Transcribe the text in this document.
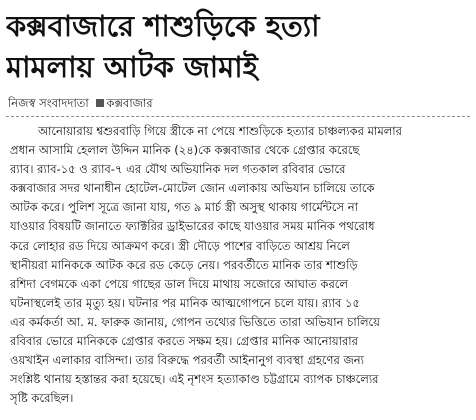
কক্সবাজারে শাশুড়িকে হত্যা
মামলায় আটক জামাই
নিজস্ব সংবাদদাতা কক্সবাজার
আনোয়ারায় শ্বশুরবাড়ি গিয়ে স্ত্রীকে না পেয়ে শাশুড়িকে হত্যার চাঞ্চল্যকর মামলার
প্রধান আসামি হেলাল উদ্দিন মানিক (২৪)কে কক্সবাজার থেকে গ্রেপ্তার করেছে
র‌্যাব। র‌্যাব-১৫ ও র‌্যাব-৭ এর যৌথ অভিযানিক দল গতকাল রবিবার ভোরে
কক্সবাজার সদর থানাধীন হোটেল-মোটেল জোন এলাকায় অভিযান চালিয়ে তাকে
আটক করে। পুলিশ সূত্রে জানা যায়, গত ৯ মার্চ স্ত্রী অসুস্থ থাকায় গার্মেন্টসে না
যাওয়ার বিষয়টি জানাতে ফ্যাক্টরির ড্রাইভারের কাছে যাওয়ার সময় মানিক পথরোধ
করে লোহার রড দিয়ে আক্রমণ করে। স্ত্রী দৌড়ে পাশের বাড়িতে আশ্রয় নিলে
স্থানীয়রা মানিককে আটক করে রড কেড়ে নেয়। পরবর্তীতে মানিক তার শাশুড়ি
রশিদা বেগমকে একা পেয়ে গাছের ডাল দিয়ে মাথায় সজোরে আঘাত করলে
ঘটনাস্থলেই তার মৃত্যু হয়। ঘটনার পর মানিক আত্মগোপনে চলে যায়। র‌্যাব ১৫
এর কর্মকর্তা আ. ম. ফারুক জানায়, গোপন তথ্যের ভিত্তিতে তারা অভিযান চালিয়ে
রবিবার ভোরে মানিককে গ্রেপ্তার করতে সক্ষম হয়। গ্রেপ্তার মানিক আনোয়ারার
ওয়খাইন এলাকার বাসিন্দা। তার বিরুদ্ধে পরবর্তী আইনানুগ ব্যবস্থা গ্রহণের জন্য
সংশ্লিষ্ট থানায় হস্তান্তর করা হয়েছে। এই নৃশংস হত্যাকাণ্ড চট্টগ্রামে ব্যাপক চাঞ্চল্যের
সৃষ্টি করেছিল।
